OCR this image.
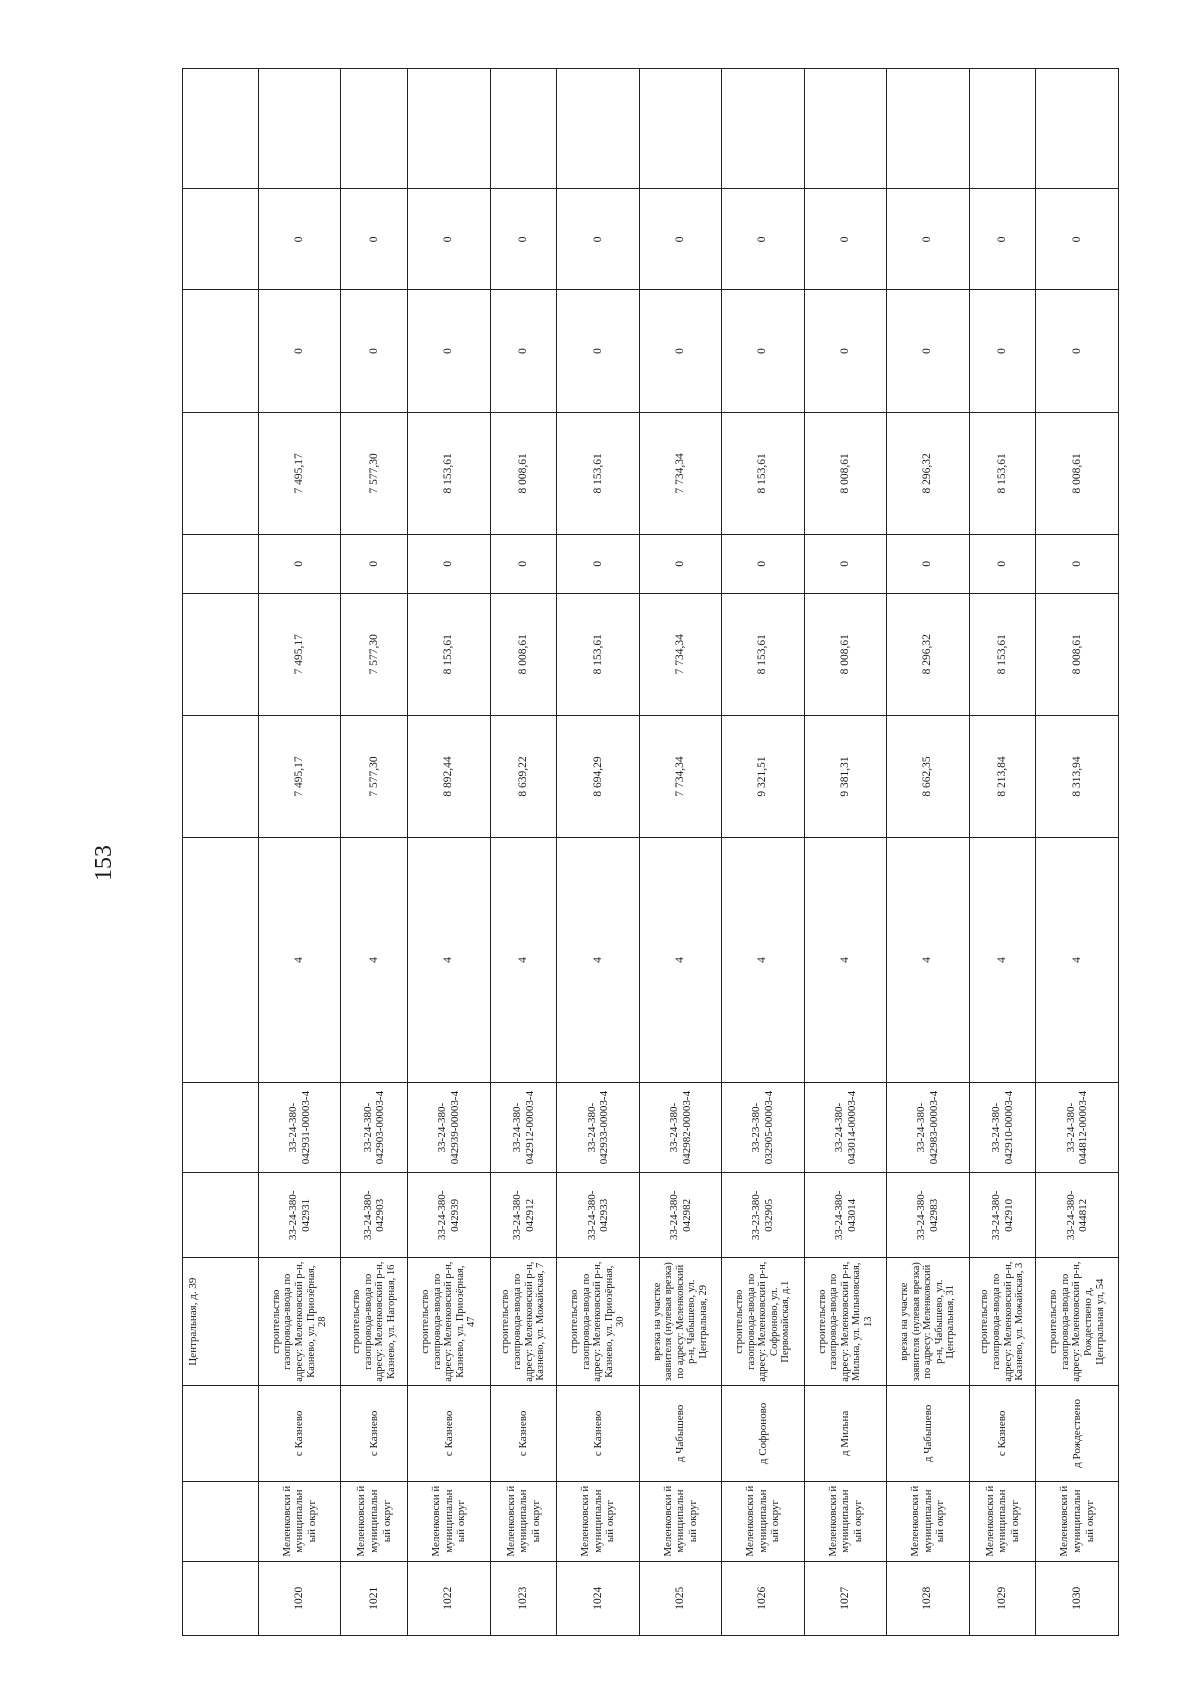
153
			Центральная, д. 39										
1020	Меленковски й муниципальн ый округ	с Казнево	строительство газопровода-ввода по адресу: Меленковский р-н, Казнево, ул. Приозёрная, 28	33-24-380-042931	33-24-380-042931-00003-4	4	7 495,17	7 495,17	0	7 495,17	0	0	
1021	Меленковски й муниципальн ый округ	с Казнево	строительство газопровода-ввода по адресу: Меленковский р-н, Казнево, ул. Нагорная, 16	33-24-380-042903	33-24-380-042903-00003-4	4	7 577,30	7 577,30	0	7 577,30	0	0	
1022	Меленковски й муниципальн ый округ	с Казнево	строительство газопровода-ввода по адресу: Меленковский р-н, Казнево, ул. Приозёрная, 47	33-24-380-042939	33-24-380-042939-00003-4	4	8 892,44	8 153,61	0	8 153,61	0	0	
1023	Меленковски й муниципальн ый округ	с Казнево	строительство газопровода-ввода по адресу: Меленковский р-н, Казнево, ул. Можайская, 7	33-24-380-042912	33-24-380-042912-00003-4	4	8 639,22	8 008,61	0	8 008,61	0	0	
1024	Меленковски й муниципальн ый округ	с Казнево	строительство газопровода-ввода по адресу: Меленковский р-н, Казнево, ул. Приозёрная, 30	33-24-380-042933	33-24-380-042933-00003-4	4	8 694,29	8 153,61	0	8 153,61	0	0	
1025	Меленковски й муниципальн ый округ	д Чабышево	врезка на участке заявителя (нулевая врезка) по адресу: Меленковский р-н, Чабышево, ул. Центральная, 29	33-24-380-042982	33-24-380-042982-00003-4	4	7 734,34	7 734,34	0	7 734,34	0	0	
1026	Меленковски й муниципальн ый округ	д Софроново	строительство газопровода-ввода по адресу: Меленковский р-н, Софроново, ул. Первомайская, д.1	33-23-380-032905	33-23-380-032905-00003-4	4	9 321,51	8 153,61	0	8 153,61	0	0	
1027	Меленковски й муниципальн ый округ	д Мильна	строительство газопровода-ввода по адресу: Меленковский р-н, Мильна, ул. Мильновская, 13	33-24-380-043014	33-24-380-043014-00003-4	4	9 381,31	8 008,61	0	8 008,61	0	0	
1028	Меленковски й муниципальн ый округ	д Чабышево	врезка на участке заявителя (нулевая врезка) по адресу: Меленковский р-н, Чабышево, ул. Центральная, 31	33-24-380-042983	33-24-380-042983-00003-4	4	8 662,35	8 296,32	0	8 296,32	0	0	
1029	Меленковски й муниципальн ый округ	с Казнево	строительство газопровода-ввода по адресу: Меленковский р-н, Казнево, ул. Можайская, 3	33-24-380-042910	33-24-380-042910-00003-4	4	8 213,84	8 153,61	0	8 153,61	0	0	
1030	Меленковски й муниципальн ый округ	д Рождествено	строительство газопровода-ввода по адресу: Меленковский р-н, Рождествено д, Центральная ул, 54	33-24-380-044812	33-24-380-044812-00003-4	4	8 313,94	8 008,61	0	8 008,61	0	0	
